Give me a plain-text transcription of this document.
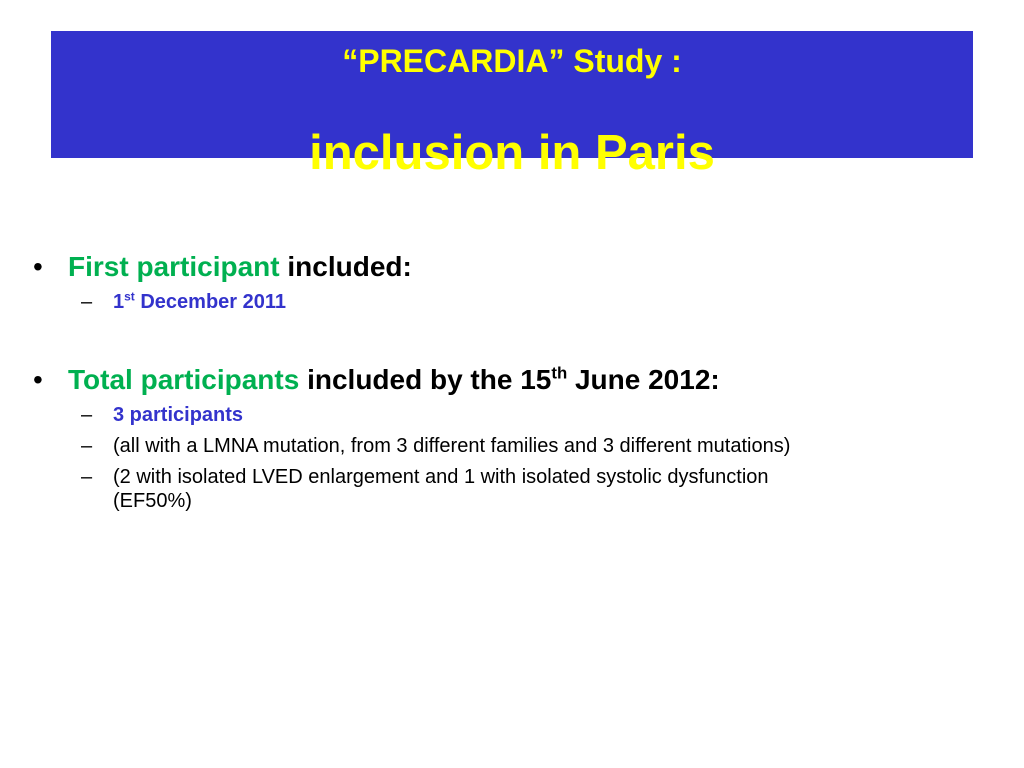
“PRECARDIA” Study :
inclusion in Paris
• First participant included:
– 1st December 2011
• Total participants included by the 15th June 2012:
– 3 participants
– (all with a LMNA mutation, from 3 different families and 3 different mutations)
– (2 with isolated LVED enlargement and 1 with isolated systolic dysfunction
(EF50%)
